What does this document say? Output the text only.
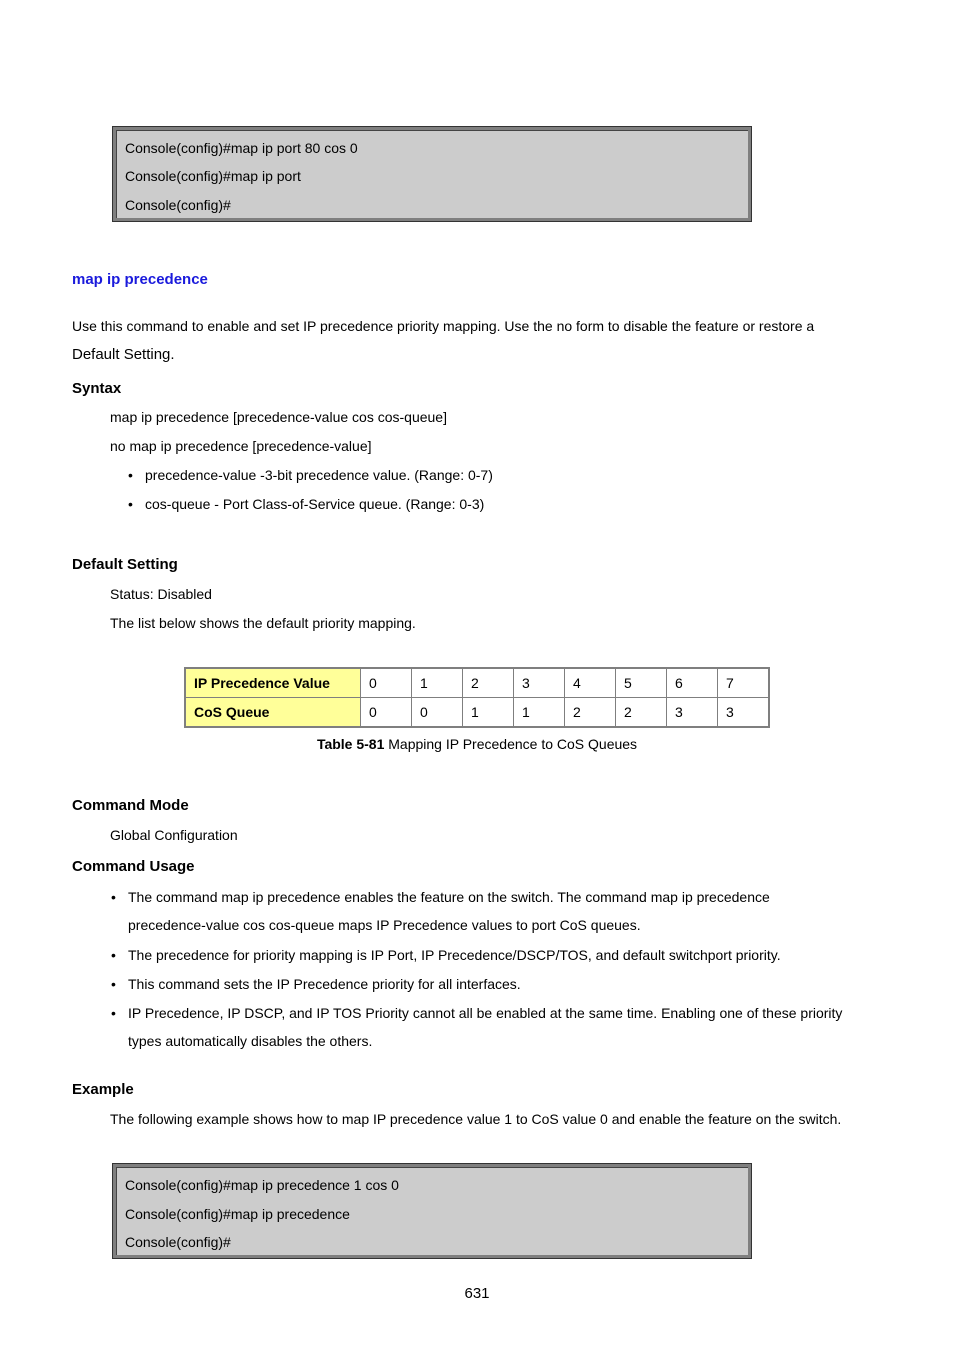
Console(config)#map ip port 80 cos 0
Console(config)#map ip port
Console(config)#
map ip precedence
Use this command to enable and set IP precedence priority mapping. Use the no form to disable the feature or restore a
Default Setting.
Syntax
map ip precedence [precedence-value cos cos-queue]
no map ip precedence [precedence-value]
• precedence-value -3-bit precedence value. (Range: 0-7)
• cos-queue - Port Class-of-Service queue. (Range: 0-3)
Default Setting
Status: Disabled
The list below shows the default priority mapping.
IP Precedence Value	0	1	2	3	4	5	6	7
CoS Queue	0	0	1	1	2	2	3	3
Table 5-81 Mapping IP Precedence to CoS Queues
Command Mode
Global Configuration
Command Usage
• The command map ip precedence enables the feature on the switch. The command map ip precedence
precedence-value cos cos-queue maps IP Precedence values to port CoS queues.
• The precedence for priority mapping is IP Port, IP Precedence/DSCP/TOS, and default switchport priority.
• This command sets the IP Precedence priority for all interfaces.
• IP Precedence, IP DSCP, and IP TOS Priority cannot all be enabled at the same time. Enabling one of these priority
types automatically disables the others.
Example
The following example shows how to map IP precedence value 1 to CoS value 0 and enable the feature on the switch.
Console(config)#map ip precedence 1 cos 0
Console(config)#map ip precedence
Console(config)#
631
